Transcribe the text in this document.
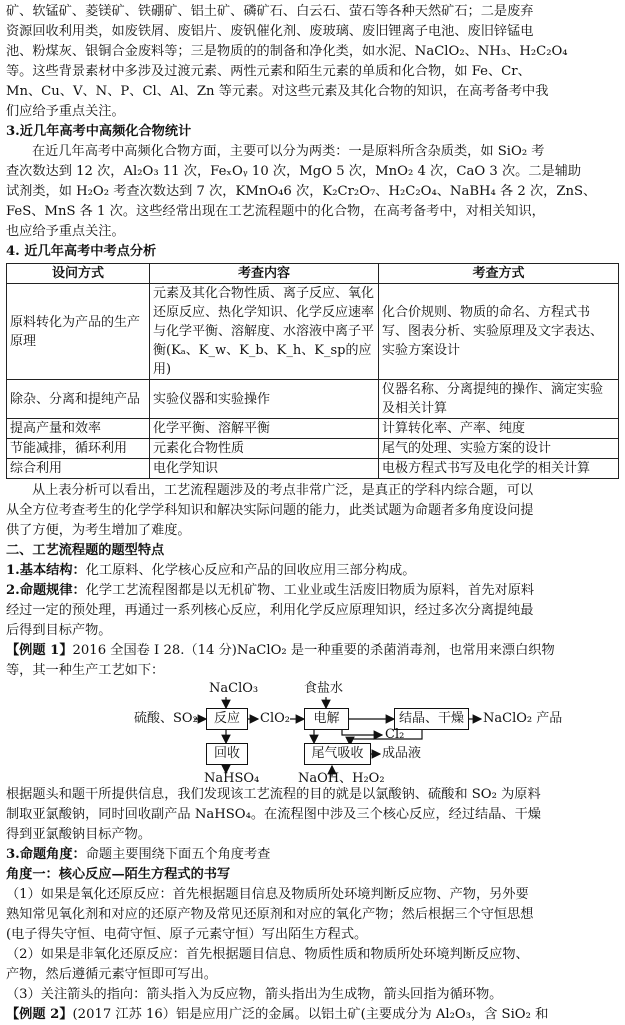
矿、软锰矿、菱镁矿、铁硼矿、铝土矿、磷矿石、白云石、萤石等各种天然矿石；二是废弃

资源回收利用类，如废铁屑、废铝片、废钒催化剂、废玻璃、废旧锂离子电池、废旧锌锰电

池、粉煤灰、银铜合金废料等；三是物质的的制备和净化类，如水泥、NaClO₂、NH₃、H₂C₂O₄

等。这些背景素材中多涉及过渡元素、两性元素和陌生元素的单质和化合物，如 Fe、Cr、

Mn、Cu、V、N、P、Cl、Al、Zn 等元素。对这些元素及其化合物的知识，在高考备考中我

们应给予重点关注。

3.近几年高考中高频化合物统计

在近几年高考中高频化合物方面，主要可以分为两类：一是原料所含杂质类，如 SiO₂ 考

查次数达到 12 次，Al₂O₃ 11 次，FeₓOᵧ 10 次，MgO 5 次，MnO₂ 4 次，CaO 3 次。二是辅助

试剂类，如 H₂O₂ 考查次数达到 7 次，KMnO₄6 次，K₂Cr₂O₇、H₂C₂O₄、NaBH₄ 各 2 次，ZnS、

FeS、MnS 各 1 次。这些经常出现在工艺流程题中的化合物，在高考备考中，对相关知识，

也应给予重点关注。

4. 近几年高考中考点分析

设问方式	考查内容	考查方式
原料转化为产品的生产原理	元素及其化合物性质、离子反应、氧化还原反应、热化学知识、化学反应速率与化学平衡、溶解度、水溶液中离子平衡(Kₐ、K_w、K_b、K_h、K_sp的应用)	化合价规则、物质的命名、方程式书写、图表分析、实验原理及文字表达、实验方案设计
除杂、分离和提纯产品	实验仪器和实验操作	仪器名称、分离提纯的操作、滴定实验及相关计算
提高产量和效率	化学平衡、溶解平衡	计算转化率、产率、纯度
节能减排，循环利用	元素化合物性质	尾气的处理、实验方案的设计
综合利用	电化学知识	电极方程式书写及电化学的相关计算

从上表分析可以看出，工艺流程题涉及的考点非常广泛，是真正的学科内综合题，可以

从全方位考查考生的化学学科知识和解决实际问题的能力，此类试题为命题者多角度设问提

供了方便，为考生增加了难度。

二、工艺流程题的题型特点

1.基本结构：化工原料、化学核心反应和产品的回收应用三部分构成。

2.命题规律：化学工艺流程图都是以无机矿物、工业业或生活废旧物质为原料，首先对原料

经过一定的预处理，再通过一系列核心反应，利用化学反应原理知识，经过多次分离提纯最

后得到目标产物。

【例题 1】2016 全国卷 I 28.（14 分)NaClO₂ 是一种重要的杀菌消毒剂，也常用来漂白织物

等，其一种生产工艺如下：

硫酸、SO₂
NaClO₃
反应	ClO₂
食盐水
电解	结晶、干燥	NaClO₂ 产品
Cl₂
回收	尾气吸收	成品液
NaHSO₄	NaOH、H₂O₂

根据题头和题干所提供信息，我们发现该工艺流程的目的就是以氯酸钠、硫酸和 SO₂ 为原料

制取亚氯酸钠，同时回收副产品 NaHSO₄。在流程图中涉及三个核心反应，经过结晶、干燥

得到亚氯酸钠目标产物。

3.命题角度：命题主要围绕下面五个角度考查

角度一：核心反应—陌生方程式的书写

（1）如果是氧化还原反应：首先根据题目信息及物质所处环境判断反应物、产物，另外要

熟知常见氧化剂和对应的还原产物及常见还原剂和对应的氧化产物；然后根据三个守恒思想

(电子得失守恒、电荷守恒、原子元素守恒）写出陌生方程式。

（2）如果是非氧化还原反应：首先根据题目信息、物质性质和物质所处环境判断反应物、

产物，然后遵循元素守恒即可写出。

（3）关注箭头的指向：箭头指入为反应物，箭头指出为生成物，箭头回指为循环物。

【例题 2】(2017 江苏 16）铝是应用广泛的金属。以铝土矿(主要成分为 Al₂O₃，含 SiO₂ 和
